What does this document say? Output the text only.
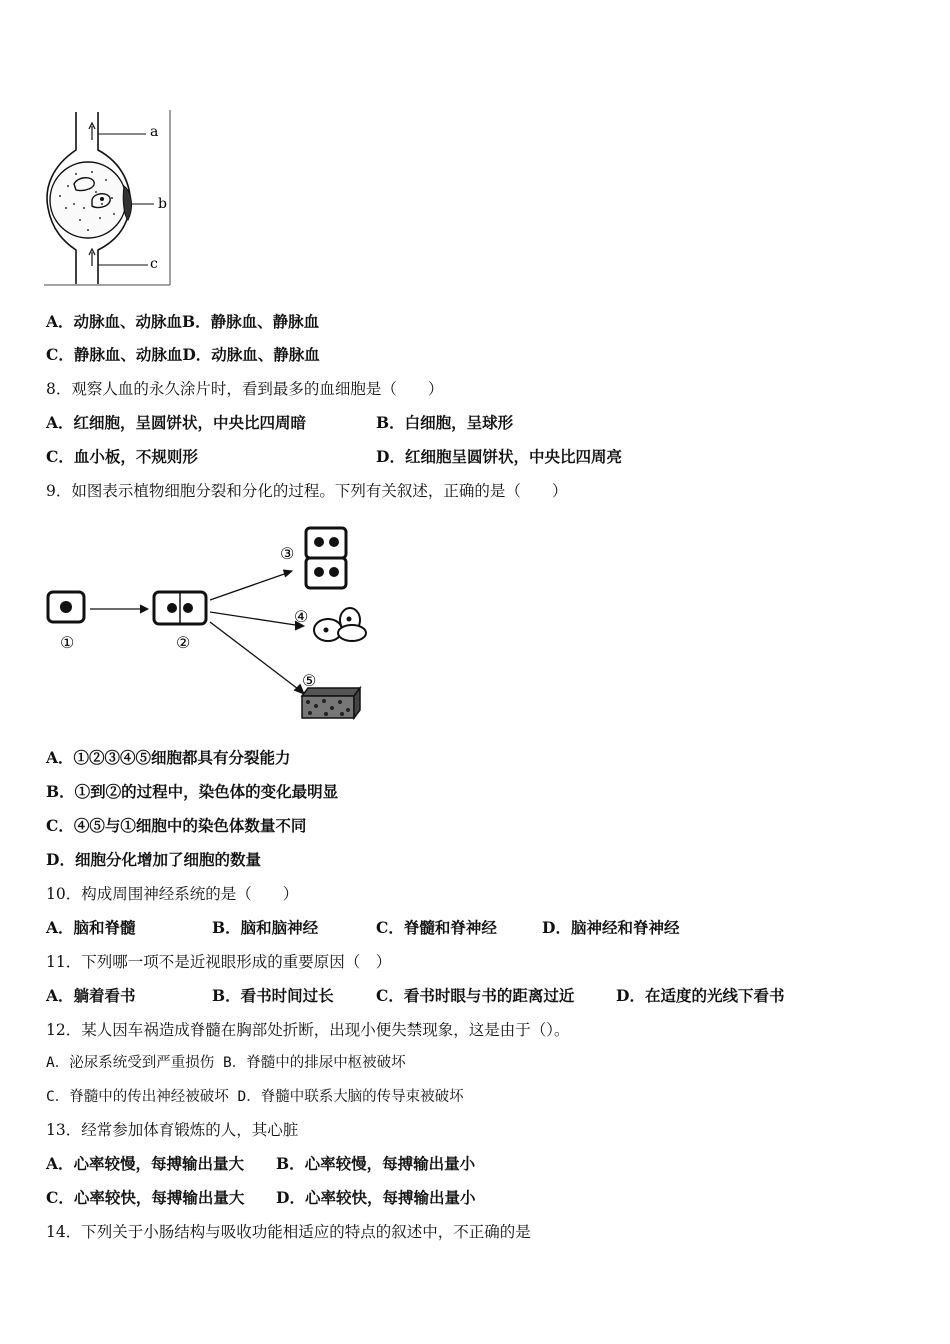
a
b
c
A．动脉血、动脉血B．静脉血、静脉血
C．静脉血、动脉血D．动脉血、静脉血
8．观察人血的永久涂片时，看到最多的血细胞是（　　）
A．红细胞，呈圆饼状，中央比四周暗	B．白细胞，呈球形
C．血小板，不规则形	D．红细胞呈圆饼状，中央比四周亮
9．如图表示植物细胞分裂和分化的过程。下列有关叙述，正确的是（　　）
①	②
③
④
⑤
A．①②③④⑤细胞都具有分裂能力
B．①到②的过程中，染色体的变化最明显
C．④⑤与①细胞中的染色体数量不同
D．细胞分化增加了细胞的数量
10．构成周围神经系统的是（　　）
A．脑和脊髓	B．脑和脑神经	C．脊髓和脊神经	D．脑神经和脊神经
11．下列哪一项不是近视眼形成的重要原因（　）
A．躺着看书	B．看书时间过长	C．看书时眼与书的距离过近	D．在适度的光线下看书
12．某人因车祸造成脊髓在胸部处折断，出现小便失禁现象，这是由于（）。
A．泌尿系统受到严重损伤 B．脊髓中的排尿中枢被破坏
C．脊髓中的传出神经被破坏 D．脊髓中联系大脑的传导束被破坏
13．经常参加体育锻炼的人，其心脏
A．心率较慢，每搏输出量大 B．心率较慢，每搏输出量小
C．心率较快，每搏输出量大 D．心率较快，每搏输出量小
14．下列关于小肠结构与吸收功能相适应的特点的叙述中，不正确的是
